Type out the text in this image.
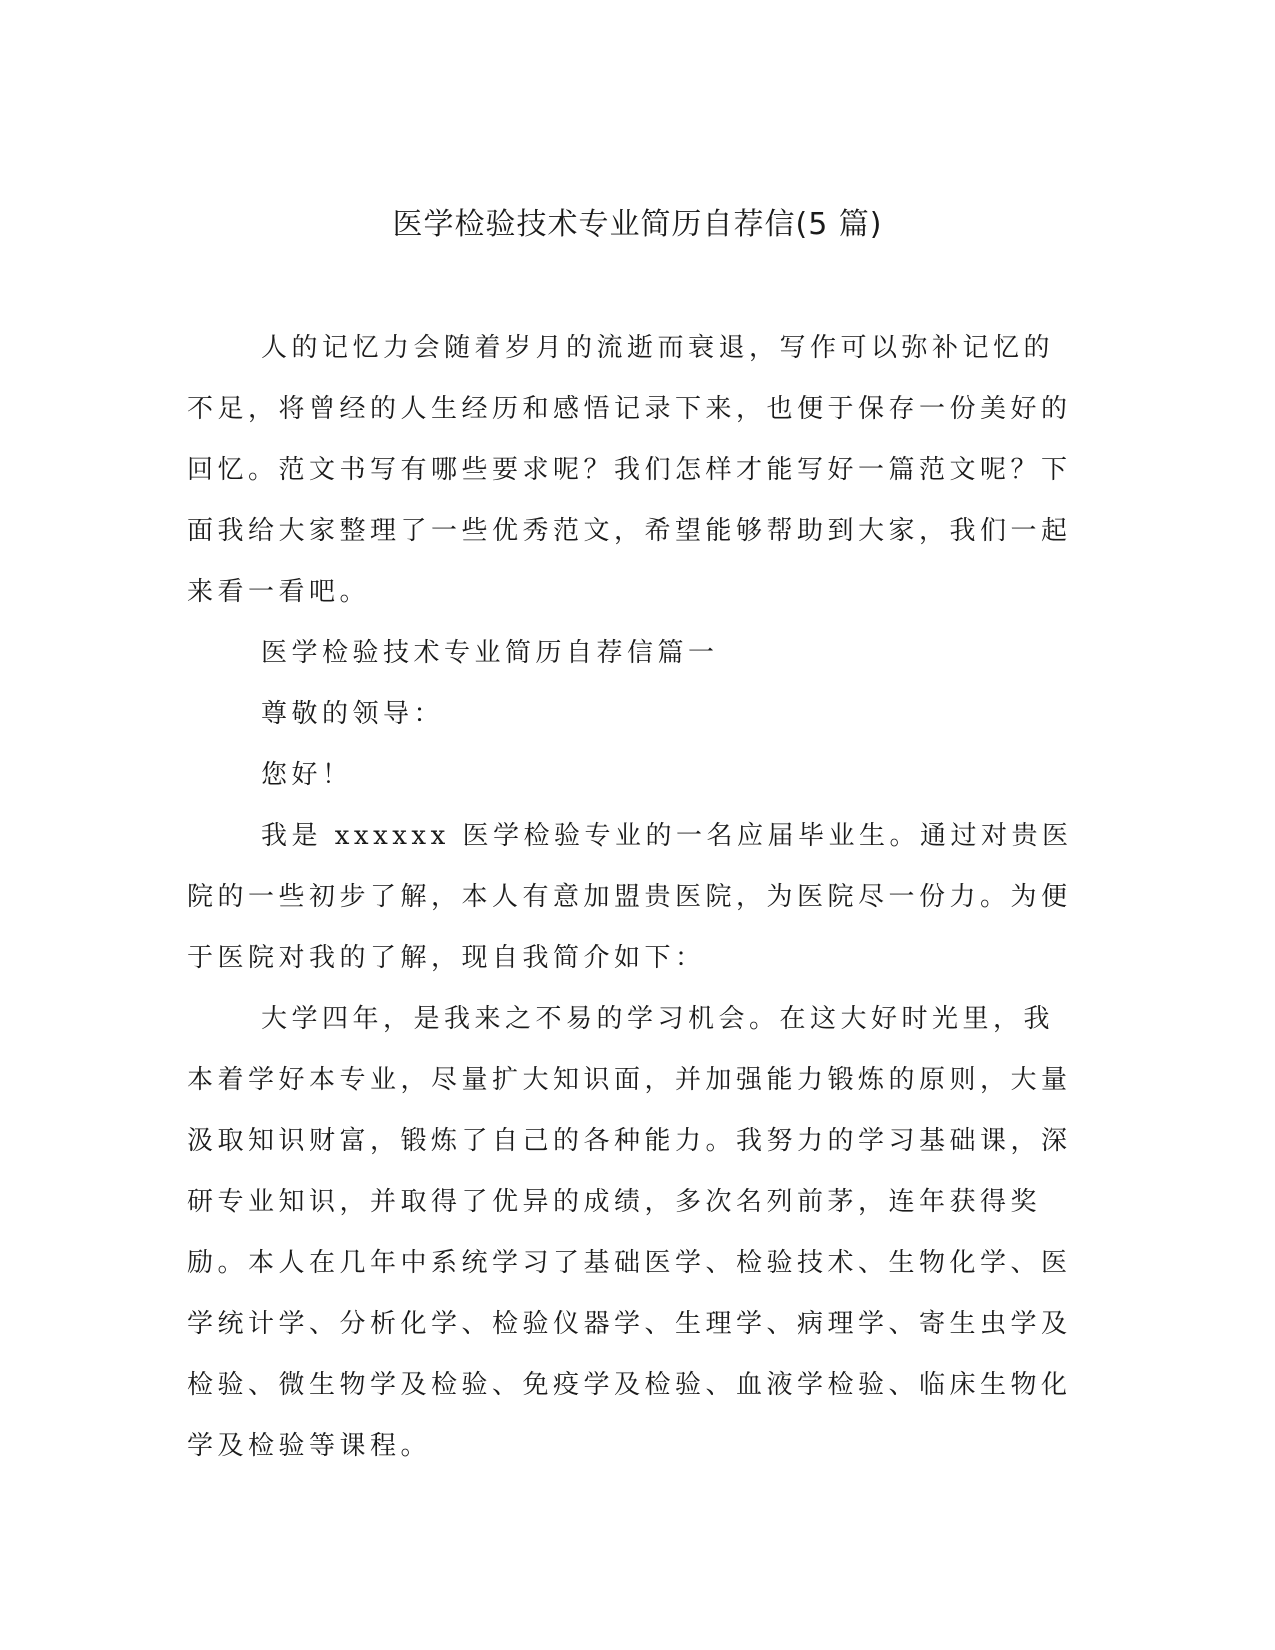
医学检验技术专业简历自荐信(5 篇)

人的记忆力会随着岁月的流逝而衰退，写作可以弥补记忆的不足，将曾经的人生经历和感悟记录下来，也便于保存一份美好的回忆。范文书写有哪些要求呢？我们怎样才能写好一篇范文呢？下面我给大家整理了一些优秀范文，希望能够帮助到大家，我们一起来看一看吧。

医学检验技术专业简历自荐信篇一

尊敬的领导：

您好！

我是 xxxxxx 医学检验专业的一名应届毕业生。通过对贵医院的一些初步了解，本人有意加盟贵医院，为医院尽一份力。为便于医院对我的了解，现自我简介如下：

大学四年，是我来之不易的学习机会。在这大好时光里，我本着学好本专业，尽量扩大知识面，并加强能力锻炼的原则，大量汲取知识财富，锻炼了自己的各种能力。我努力的学习基础课，深研专业知识，并取得了优异的成绩，多次名列前茅，连年获得奖励。本人在几年中系统学习了基础医学、检验技术、生物化学、医学统计学、分析化学、检验仪器学、生理学、病理学、寄生虫学及检验、微生物学及检验、免疫学及检验、血液学检验、临床生物化学及检验等课程。
